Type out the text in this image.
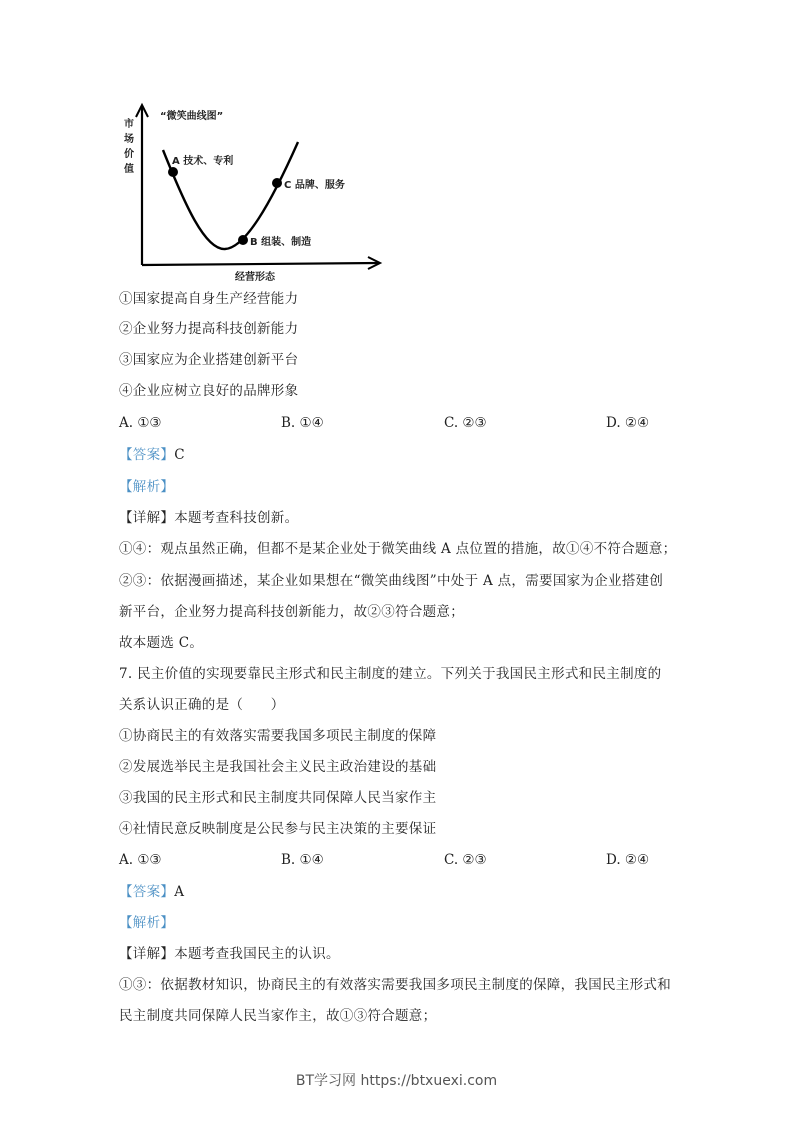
“微笑曲线图”
市
场
价
值
A 技术、专利
B 组装、制造
C 品牌、服务
经营形态
①国家提高自身生产经营能力
②企业努力提高科技创新能力
③国家应为企业搭建创新平台
④企业应树立良好的品牌形象
A. ①③	B. ①④	C. ②③	D. ②④
【答案】C
【解析】
【详解】本题考查科技创新。
①④：观点虽然正确，但都不是某企业处于微笑曲线 A 点位置的措施，故①④不符合题意；
②③：依据漫画描述，某企业如果想在“微笑曲线图”中处于 A 点，需要国家为企业搭建创
新平台，企业努力提高科技创新能力，故②③符合题意；
故本题选 C。
7. 民主价值的实现要靠民主形式和民主制度的建立。下列关于我国民主形式和民主制度的
关系认识正确的是（　　）
①协商民主的有效落实需要我国多项民主制度的保障
②发展选举民主是我国社会主义民主政治建设的基础
③我国的民主形式和民主制度共同保障人民当家作主
④社情民意反映制度是公民参与民主决策的主要保证
A. ①③	B. ①④	C. ②③	D. ②④
【答案】A
【解析】
【详解】本题考查我国民主的认识。
①③：依据教材知识，协商民主的有效落实需要我国多项民主制度的保障，我国民主形式和
民主制度共同保障人民当家作主，故①③符合题意；
BT学习网 https://btxuexi.com
